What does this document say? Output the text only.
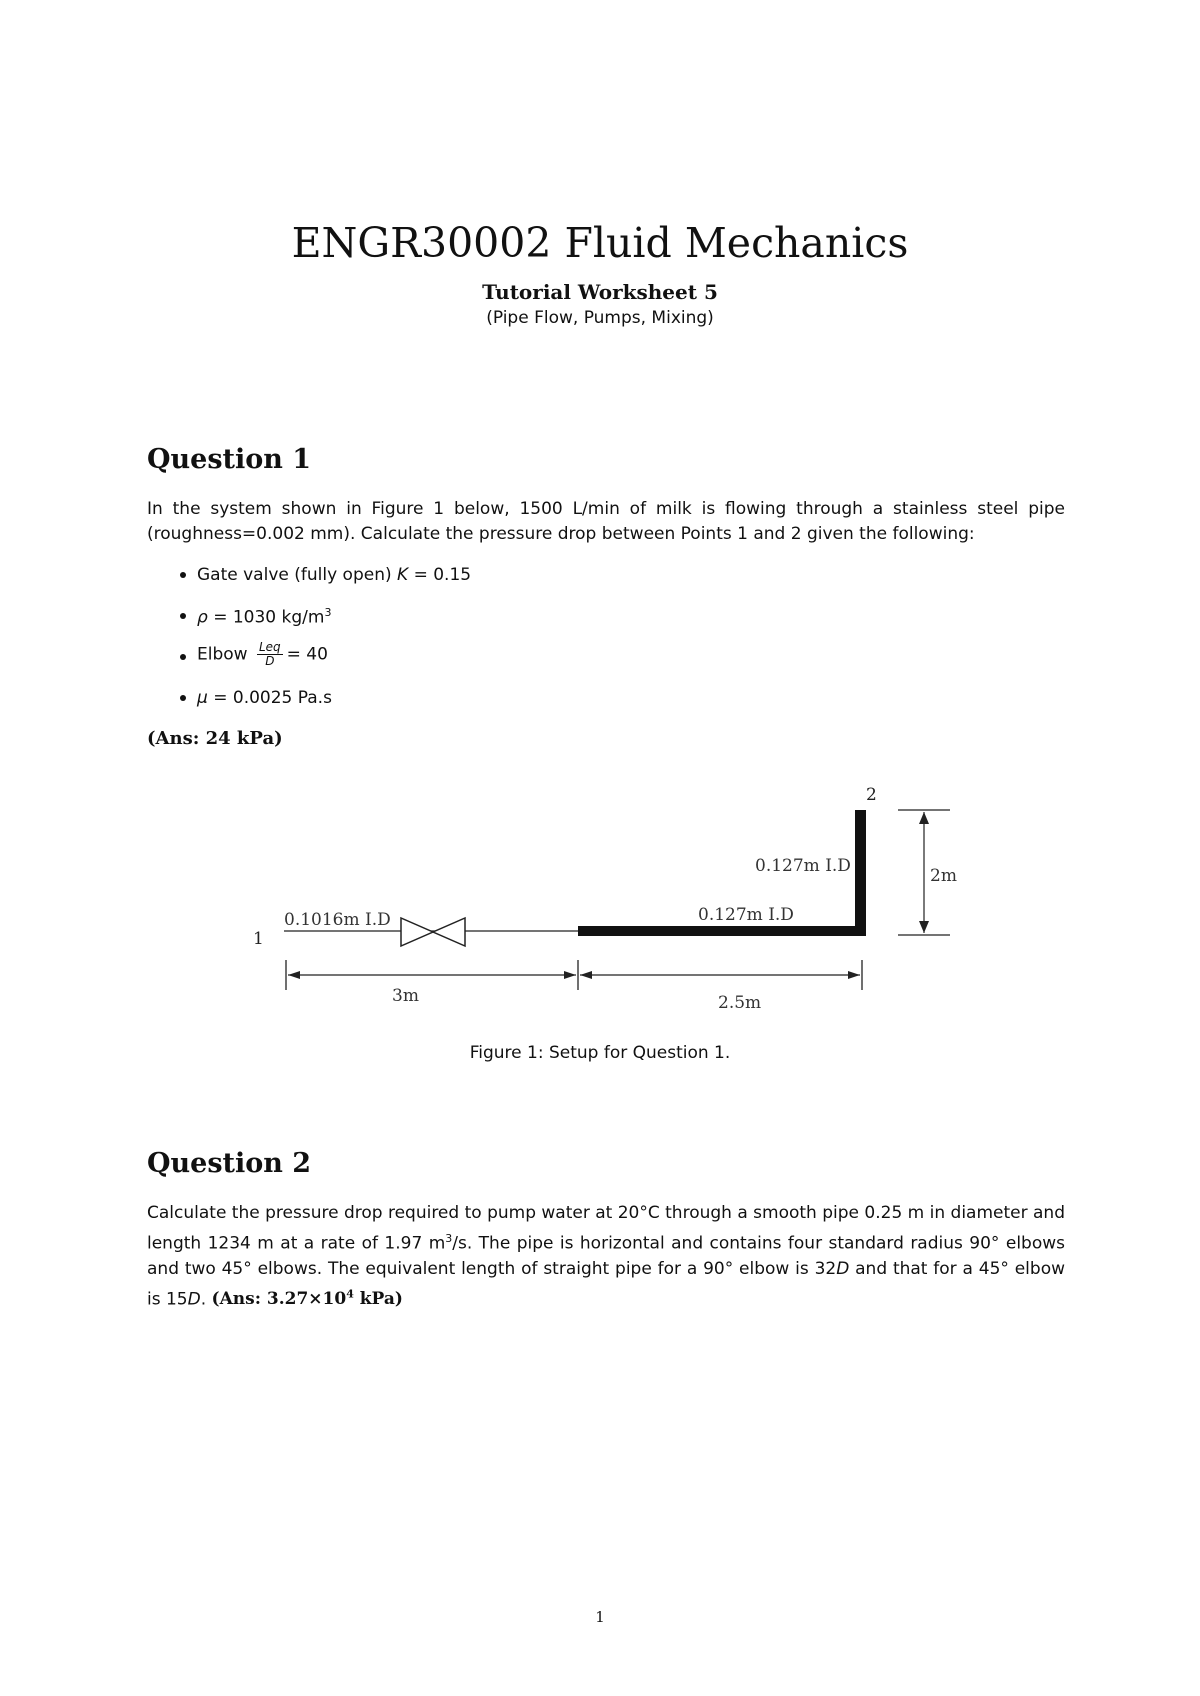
ENGR30002 Fluid Mechanics
Tutorial Worksheet 5
(Pipe Flow, Pumps, Mixing)
Question 1
In the system shown in Figure 1 below, 1500 L/min of milk is flowing through a stainless steel pipe (roughness=0.002 mm). Calculate the pressure drop between Points 1 and 2 given the following:
Gate valve (fully open) K = 0.15
ρ = 1030 $kg/m^3$
Elbow $\frac{\text{Leq}}{D} = 40$
μ = 0.0025 Pa.s
(Ans: 24 kPa)
1
2
0.1016m I.D	0.127m I.D
0.127m I.D	2m
3m	2.5m
Figure 1: Setup for Question 1.
Question 2
Calculate the pressure drop required to pump water at 20°C through a smooth pipe 0.25 m in diameter and length 1234 m at a rate of 1.97 $m^3/s$. The pipe is horizontal and contains four standard radius 90° elbows and two 45° elbows. The equivalent length of straight pipe for a 90° elbow is 32D and that for a 45° elbow is 15D. (Ans: $3.27\times 10^4$ kPa)
1
